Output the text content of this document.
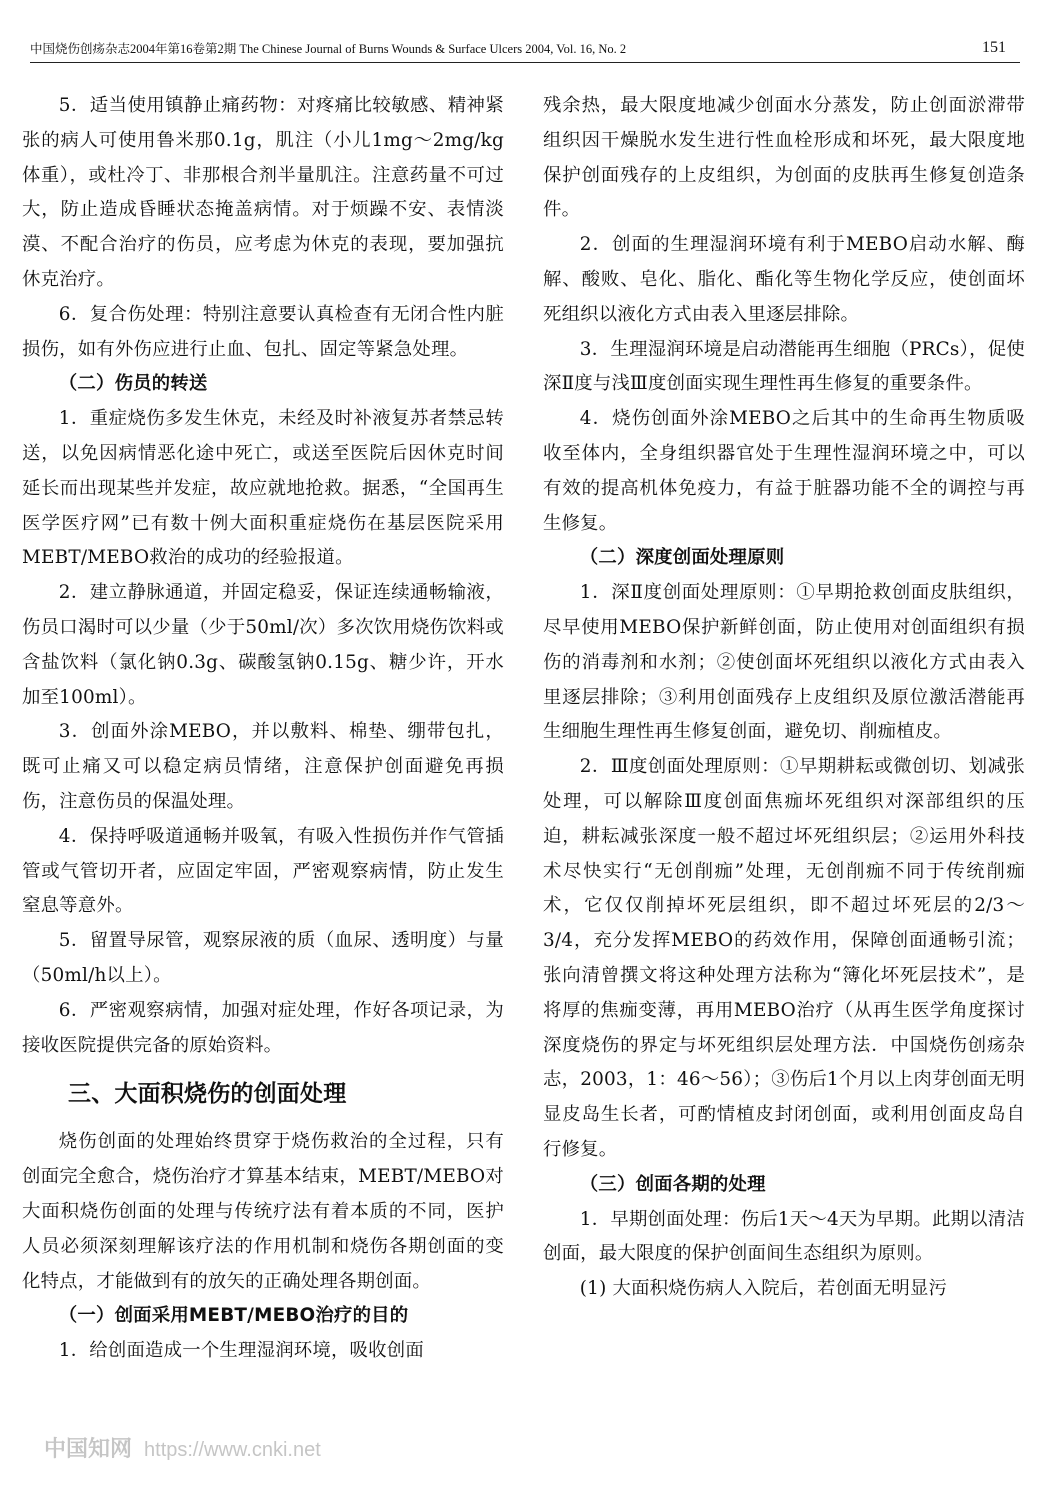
中国烧伤创疡杂志2004年第16卷第2期 The Chinese Journal of Burns Wounds & Surface Ulcers 2004, Vol. 16, No. 2	151

5．适当使用镇静止痛药物：对疼痛比较敏感、精神紧张的病人可使用鲁米那0.1g，肌注（小儿1mg～2mg/kg体重），或杜冷丁、非那根合剂半量肌注。注意药量不可过大，防止造成昏睡状态掩盖病情。对于烦躁不安、表情淡漠、不配合治疗的伤员，应考虑为休克的表现，要加强抗休克治疗。

6．复合伤处理：特别注意要认真检查有无闭合性内脏损伤，如有外伤应进行止血、包扎、固定等紧急处理。

（二）伤员的转送

1．重症烧伤多发生休克，未经及时补液复苏者禁忌转送，以免因病情恶化途中死亡，或送至医院后因休克时间延长而出现某些并发症，故应就地抢救。据悉，“全国再生医学医疗网”已有数十例大面积重症烧伤在基层医院采用MEBT/MEBO救治的成功的经验报道。

2．建立静脉通道，并固定稳妥，保证连续通畅输液，伤员口渴时可以少量（少于50ml/次）多次饮用烧伤饮料或含盐饮料（氯化钠0.3g、碳酸氢钠0.15g、糖少许，开水加至100ml）。

3．创面外涂MEBO，并以敷料、棉垫、绷带包扎，既可止痛又可以稳定病员情绪，注意保护创面避免再损伤，注意伤员的保温处理。

4．保持呼吸道通畅并吸氧，有吸入性损伤并作气管插管或气管切开者，应固定牢固，严密观察病情，防止发生窒息等意外。

5．留置导尿管，观察尿液的质（血尿、透明度）与量（50ml/h以上）。

6．严密观察病情，加强对症处理，作好各项记录，为接收医院提供完备的原始资料。

三、大面积烧伤的创面处理

烧伤创面的处理始终贯穿于烧伤救治的全过程，只有创面完全愈合，烧伤治疗才算基本结束，MEBT/MEBO对大面积烧伤创面的处理与传统疗法有着本质的不同，医护人员必须深刻理解该疗法的作用机制和烧伤各期创面的变化特点，才能做到有的放矢的正确处理各期创面。

（一）创面采用MEBT/MEBO治疗的目的

1．给创面造成一个生理湿润环境，吸收创面

残余热，最大限度地减少创面水分蒸发，防止创面淤滞带组织因干燥脱水发生进行性血栓形成和坏死，最大限度地保护创面残存的上皮组织，为创面的皮肤再生修复创造条件。

2．创面的生理湿润环境有利于MEBO启动水解、酶解、酸败、皂化、脂化、酯化等生物化学反应，使创面坏死组织以液化方式由表入里逐层排除。

3．生理湿润环境是启动潜能再生细胞（PRCs），促使深Ⅱ度与浅Ⅲ度创面实现生理性再生修复的重要条件。

4．烧伤创面外涂MEBO之后其中的生命再生物质吸收至体内，全身组织器官处于生理性湿润环境之中，可以有效的提高机体免疫力，有益于脏器功能不全的调控与再生修复。

（二）深度创面处理原则

1．深Ⅱ度创面处理原则：①早期抢救创面皮肤组织，尽早使用MEBO保护新鲜创面，防止使用对创面组织有损伤的消毒剂和水剂；②使创面坏死组织以液化方式由表入里逐层排除；③利用创面残存上皮组织及原位激活潜能再生细胞生理性再生修复创面，避免切、削痂植皮。

2．Ⅲ度创面处理原则：①早期耕耘或微创切、划减张处理，可以解除Ⅲ度创面焦痂坏死组织对深部组织的压迫，耕耘减张深度一般不超过坏死组织层；②运用外科技术尽快实行“无创削痂”处理，无创削痂不同于传统削痂术，它仅仅削掉坏死层组织，即不超过坏死层的2/3～3/4，充分发挥MEBO的药效作用，保障创面通畅引流；张向清曾撰文将这种处理方法称为“簿化坏死层技术”，是将厚的焦痂变薄，再用MEBO治疗（从再生医学角度探讨深度烧伤的界定与坏死组织层处理方法．中国烧伤创疡杂志，2003，1：46～56）；③伤后1个月以上肉芽创面无明显皮岛生长者，可酌情植皮封闭创面，或利用创面皮岛自行修复。

（三）创面各期的处理

1．早期创面处理：伤后1天～4天为早期。此期以清洁创面，最大限度的保护创面间生态组织为原则。

(1) 大面积烧伤病人入院后，若创面无明显污

中国知网 https://www.cnki.net
